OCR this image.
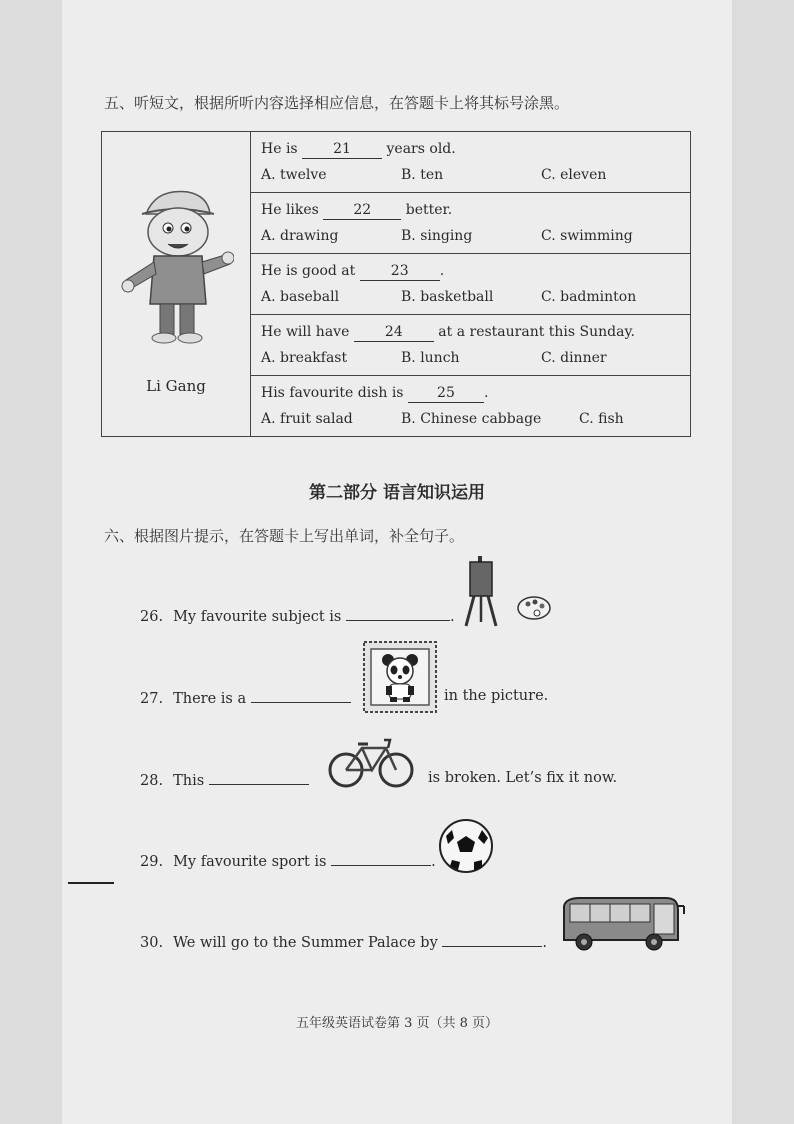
五、听短文，根据所听内容选择相应信息，在答题卡上将其标号涂黑。
Li Gang

He is	21	years old.
A. twelve	B. ten	C. eleven

He likes 22 better.
A. drawing	B. singing	C. swimming

He is good at	23 .
A. baseball	B. basketball	C. badminton

He will have	24	at a restaurant this Sunday.
A. breakfast	B. lunch	C. dinner

His favourite dish is 25 .
A. fruit salad	B. Chinese cabbage	C. fish
第二部分 语言知识运用
六、根据图片提示，在答题卡上写出单词，补全句子。
26. My favourite subject is	.
27. There is a	in the picture.
28. This	is broken. Let’s fix it now.
29. My favourite sport is	.
30. We will go to the Summer Palace by	.
五年级英语试卷第 3 页（共 8 页）
